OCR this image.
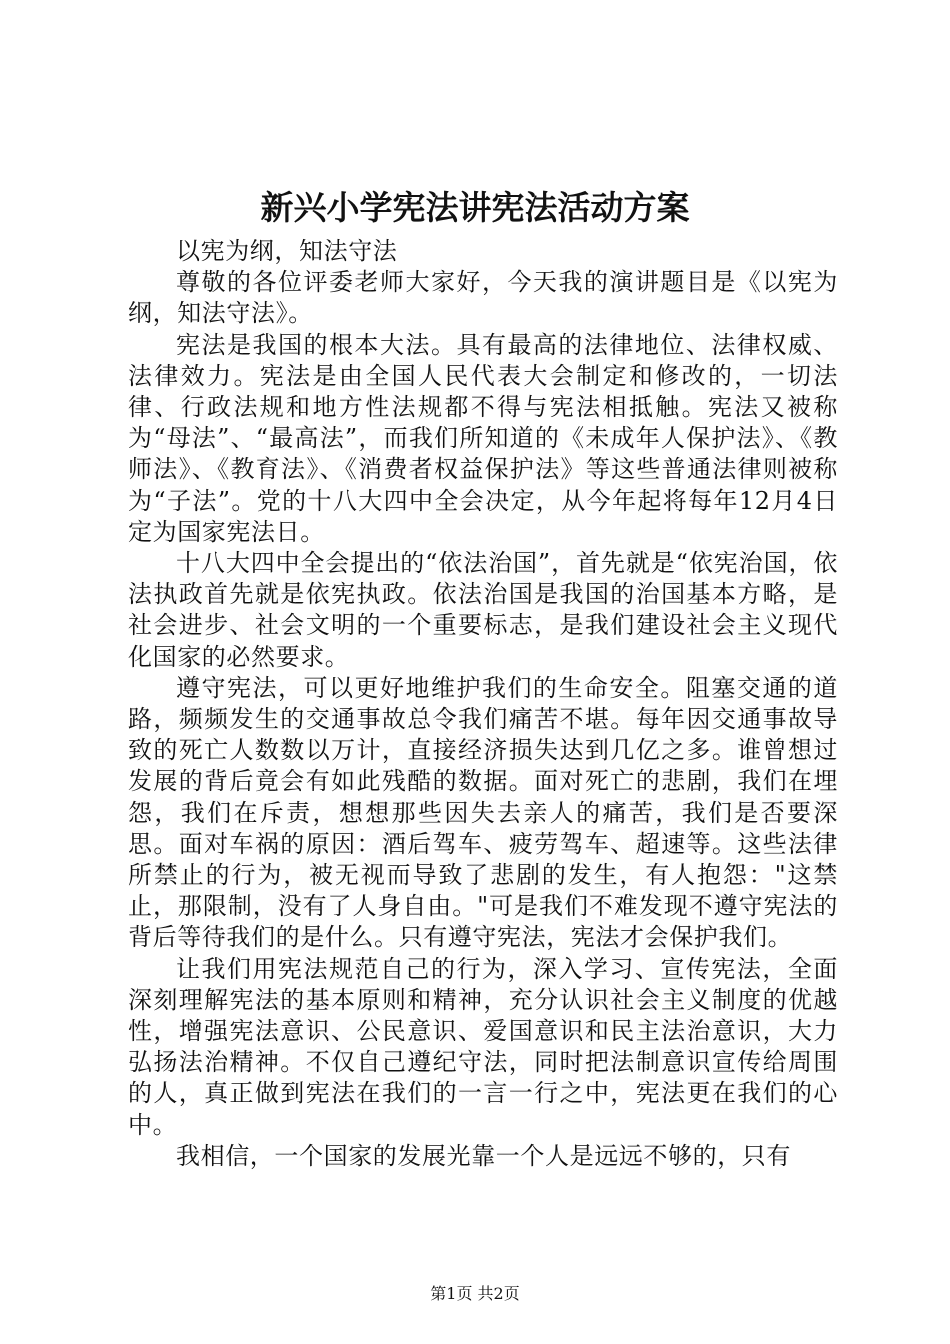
新兴小学宪法讲宪法活动方案

以宪为纲，知法守法

尊敬的各位评委老师大家好，今天我的演讲题目是《以宪为纲，知法守法》。

宪法是我国的根本大法。具有最高的法律地位、法律权威、法律效力。宪法是由全国人民代表大会制定和修改的，一切法律、行政法规和地方性法规都不得与宪法相抵触。宪法又被称为“母法”、“最高法”，而我们所知道的《未成年人保护法》、《教师法》、《教育法》、《消费者权益保护法》等这些普通法律则被称为“子法”。党的十八大四中全会决定，从今年起将每年12月4日定为国家宪法日。

十八大四中全会提出的“依法治国”，首先就是“依宪治国，依法执政首先就是依宪执政。依法治国是我国的治国基本方略，是社会进步、社会文明的一个重要标志，是我们建设社会主义现代化国家的必然要求。

遵守宪法，可以更好地维护我们的生命安全。阻塞交通的道路，频频发生的交通事故总令我们痛苦不堪。每年因交通事故导致的死亡人数数以万计，直接经济损失达到几亿之多。谁曾想过发展的背后竟会有如此残酷的数据。面对死亡的悲剧，我们在埋怨，我们在斥责，想想那些因失去亲人的痛苦，我们是否要深思。面对车祸的原因：酒后驾车、疲劳驾车、超速等。这些法律所禁止的行为，被无视而导致了悲剧的发生，有人抱怨："这禁止，那限制，没有了人身自由。"可是我们不难发现不遵守宪法的背后等待我们的是什么。只有遵守宪法，宪法才会保护我们。

让我们用宪法规范自己的行为，深入学习、宣传宪法，全面深刻理解宪法的基本原则和精神，充分认识社会主义制度的优越性，增强宪法意识、公民意识、爱国意识和民主法治意识，大力弘扬法治精神。不仅自己遵纪守法，同时把法制意识宣传给周围的人，真正做到宪法在我们的一言一行之中，宪法更在我们的心中。

我相信，一个国家的发展光靠一个人是远远不够的，只有

第1页 共2页
